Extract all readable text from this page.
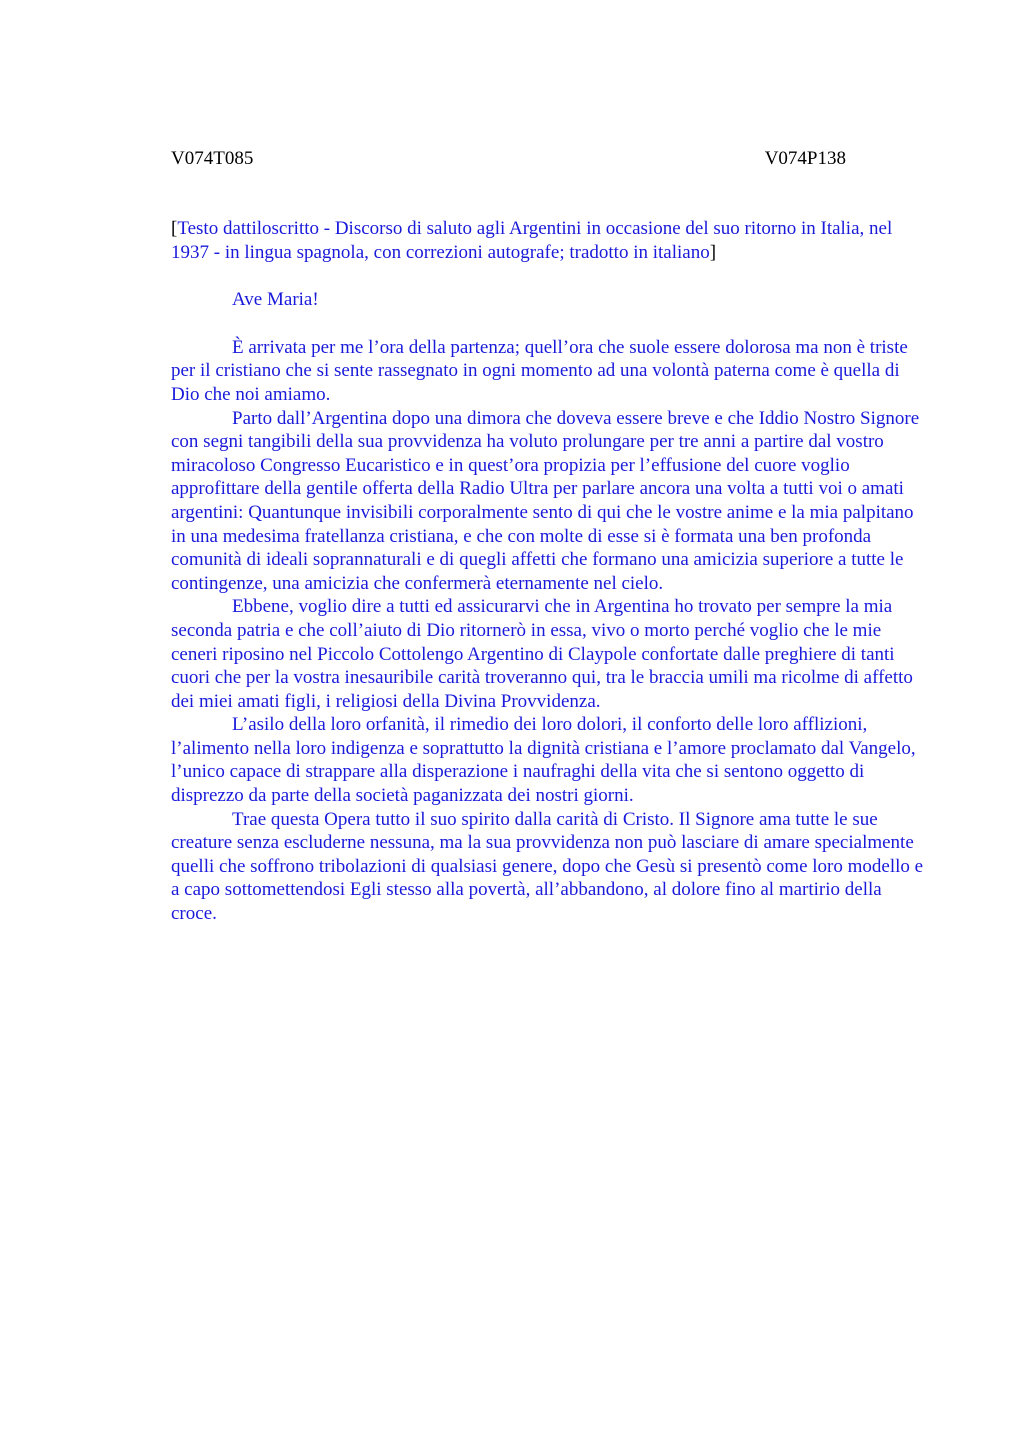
V074T085	V074P138

[Testo dattiloscritto - Discorso di saluto agli Argentini in occasione del suo ritorno in Italia, nel 1937 - in lingua spagnola, con correzioni autografe; tradotto in italiano]

Ave Maria!

È arrivata per me l’ora della partenza; quell’ora che suole essere dolorosa ma non è triste per il cristiano che si sente rassegnato in ogni momento ad una volontà paterna come è quella di Dio che noi amiamo.

Parto dall’Argentina dopo una dimora che doveva essere breve e che Iddio Nostro Signore con segni tangibili della sua provvidenza ha voluto prolungare per tre anni a partire dal vostro miracoloso Congresso Eucaristico e in quest’ora propizia per l’effusione del cuore voglio approfittare della gentile offerta della Radio Ultra per parlare ancora una volta a tutti voi o amati argentini: Quantunque invisibili corporalmente sento di qui che le vostre anime e la mia palpitano in una medesima fratellanza cristiana, e che con molte di esse si è formata una ben profonda comunità di ideali soprannaturali e di quegli affetti che formano una amicizia superiore a tutte le contingenze, una amicizia che confermerà eternamente nel cielo.

Ebbene, voglio dire a tutti ed assicurarvi che in Argentina ho trovato per sempre la mia seconda patria e che coll’aiuto di Dio ritornerò in essa, vivo o morto perché voglio che le mie ceneri riposino nel Piccolo Cottolengo Argentino di Claypole confortate dalle preghiere di tanti cuori che per la vostra inesauribile carità troveranno qui, tra le braccia umili ma ricolme di affetto dei miei amati figli, i religiosi della Divina Provvidenza.

L’asilo della loro orfanità, il rimedio dei loro dolori, il conforto delle loro afflizioni, l’alimento nella loro indigenza e soprattutto la dignità cristiana e l’amore proclamato dal Vangelo, l’unico capace di strappare alla disperazione i naufraghi della vita che si sentono oggetto di disprezzo da parte della società paganizzata dei nostri giorni.

Trae questa Opera tutto il suo spirito dalla carità di Cristo. Il Signore ama tutte le sue creature senza escluderne nessuna, ma la sua provvidenza non può lasciare di amare specialmente quelli che soffrono tribolazioni di qualsiasi genere, dopo che Gesù si presentò come loro modello e a capo sottomettendosi Egli stesso alla povertà, all’abbandono, al dolore fino al martirio della croce.
